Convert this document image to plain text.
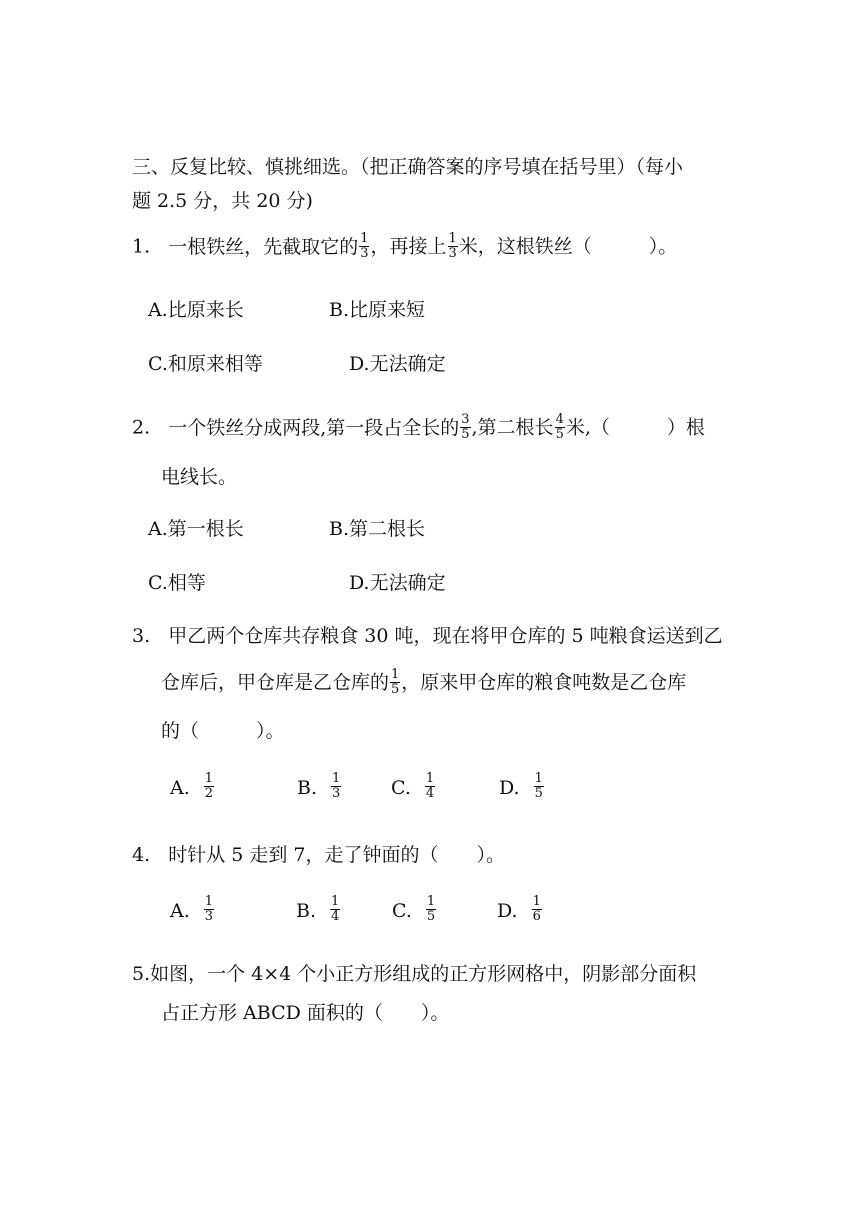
三、反复比较、慎挑细选。（把正确答案的序号填在括号里）（每小
题 2.5 分，共 20 分)
1. 一根铁丝，先截取它的 $\frac{1}{3}$ ，再接上 $\frac{1}{3}$ 米，这根铁丝（　　　）。
A.比原来长	B.比原来短
C.和原来相等	D.无法确定
2. 一个铁丝分成两段,第一段占全长的 $\frac{3}{5}$ ,第二根长 $\frac{4}{5}$ 米,（　　　）根
电线长。
A.第一根长	B.第二根长
C.相等	D.无法确定
3. 甲乙两个仓库共存粮食 30 吨，现在将甲仓库的 5 吨粮食运送到乙
仓库后，甲仓库是乙仓库的 $\frac{1}{5}$ ，原来甲仓库的粮食吨数是乙仓库
的（　　　）。
A. $\frac{1}{2}$	B. $\frac{1}{3}$	C. $\frac{1}{4}$	D. $\frac{1}{5}$
4. 时针从 5 走到 7，走了钟面的（　　）。
A. $\frac{1}{3}$	B. $\frac{1}{4}$	C. $\frac{1}{5}$	D. $\frac{1}{6}$
5.如图，一个 4×4 个小正方形组成的正方形网格中，阴影部分面积
占正方形 ABCD 面积的（　　）。
